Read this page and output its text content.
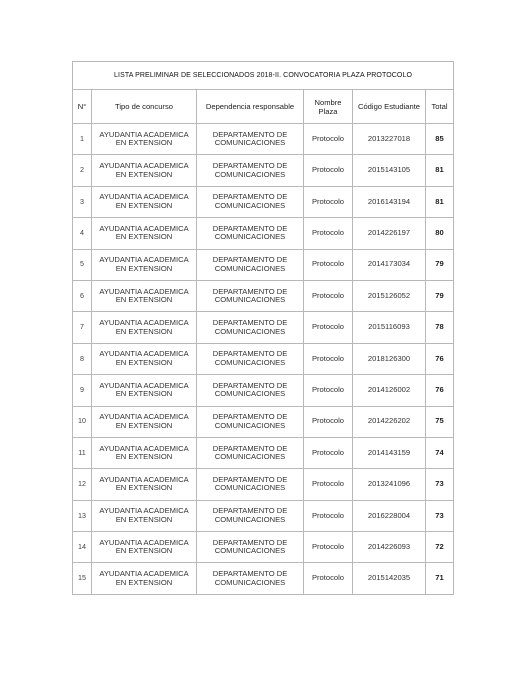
LISTA PRELIMINAR DE SELECCIONADOS 2018-II. CONVOCATORIA PLAZA PROTOCOLO					
N°	Tipo de concurso	Dependencia responsable	Nombre Plaza	Código Estudiante	Total
1	AYUDANTIA ACADEMICA EN EXTENSION	DEPARTAMENTO DE COMUNICACIONES	Protocolo	2013227018	85
2	AYUDANTIA ACADEMICA EN EXTENSION	DEPARTAMENTO DE COMUNICACIONES	Protocolo	2015143105	81
3	AYUDANTIA ACADEMICA EN EXTENSION	DEPARTAMENTO DE COMUNICACIONES	Protocolo	2016143194	81
4	AYUDANTIA ACADEMICA EN EXTENSION	DEPARTAMENTO DE COMUNICACIONES	Protocolo	2014226197	80
5	AYUDANTIA ACADEMICA EN EXTENSION	DEPARTAMENTO DE COMUNICACIONES	Protocolo	2014173034	79
6	AYUDANTIA ACADEMICA EN EXTENSION	DEPARTAMENTO DE COMUNICACIONES	Protocolo	2015126052	79
7	AYUDANTIA ACADEMICA EN EXTENSION	DEPARTAMENTO DE COMUNICACIONES	Protocolo	2015116093	78
8	AYUDANTIA ACADEMICA EN EXTENSION	DEPARTAMENTO DE COMUNICACIONES	Protocolo	2018126300	76
9	AYUDANTIA ACADEMICA EN EXTENSION	DEPARTAMENTO DE COMUNICACIONES	Protocolo	2014126002	76
10	AYUDANTIA ACADEMICA EN EXTENSION	DEPARTAMENTO DE COMUNICACIONES	Protocolo	2014226202	75
11	AYUDANTIA ACADEMICA EN EXTENSION	DEPARTAMENTO DE COMUNICACIONES	Protocolo	2014143159	74
12	AYUDANTIA ACADEMICA EN EXTENSION	DEPARTAMENTO DE COMUNICACIONES	Protocolo	2013241096	73
13	AYUDANTIA ACADEMICA EN EXTENSION	DEPARTAMENTO DE COMUNICACIONES	Protocolo	2016228004	73
14	AYUDANTIA ACADEMICA EN EXTENSION	DEPARTAMENTO DE COMUNICACIONES	Protocolo	2014226093	72
15	AYUDANTIA ACADEMICA EN EXTENSION	DEPARTAMENTO DE COMUNICACIONES	Protocolo	2015142035	71
